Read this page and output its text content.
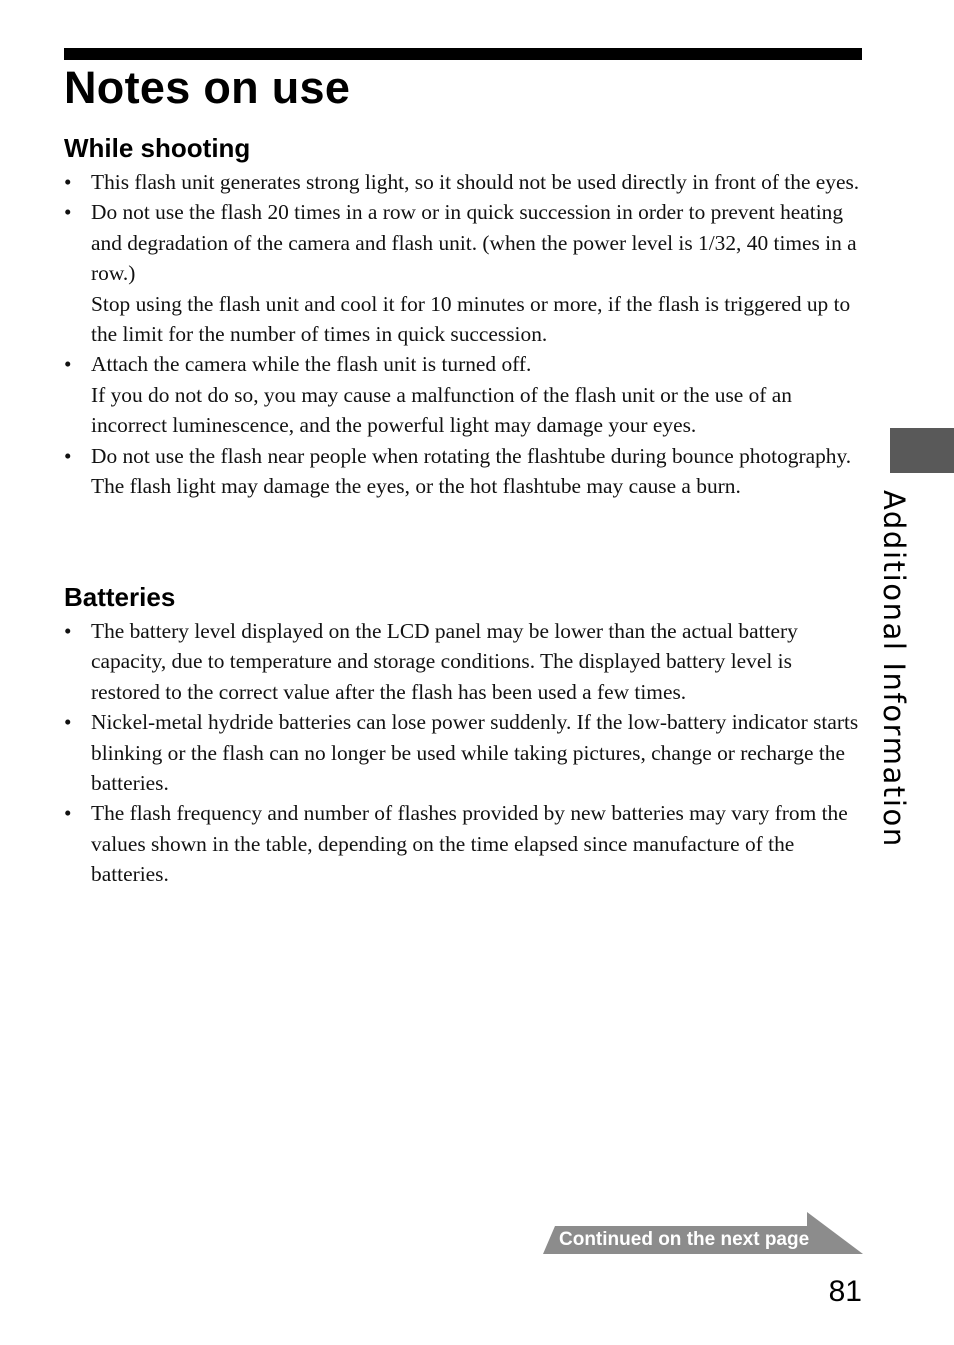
Notes on use
While shooting
• This flash unit generates strong light, so it should not be used directly in front of the eyes.
• Do not use the flash 20 times in a row or in quick succession in order to prevent heating and degradation of the camera and flash unit. (when the power level is 1/32, 40 times in a row.)
Stop using the flash unit and cool it for 10 minutes or more, if the flash is triggered up to the limit for the number of times in quick succession.
• Attach the camera while the flash unit is turned off.
If you do not do so, you may cause a malfunction of the flash unit or the use of an incorrect luminescence, and the powerful light may damage your eyes.
• Do not use the flash near people when rotating the flashtube during bounce photography. The flash light may damage the eyes, or the hot flashtube may cause a burn.
Batteries
• The battery level displayed on the LCD panel may be lower than the actual battery capacity, due to temperature and storage conditions. The displayed battery level is restored to the correct value after the flash has been used a few times.
• Nickel-metal hydride batteries can lose power suddenly. If the low-battery indicator starts blinking or the flash can no longer be used while taking pictures, change or recharge the batteries.
• The flash frequency and number of flashes provided by new batteries may vary from the values shown in the table, depending on the time elapsed since manufacture of the batteries.
Additional Information
Continued on the next page
81
